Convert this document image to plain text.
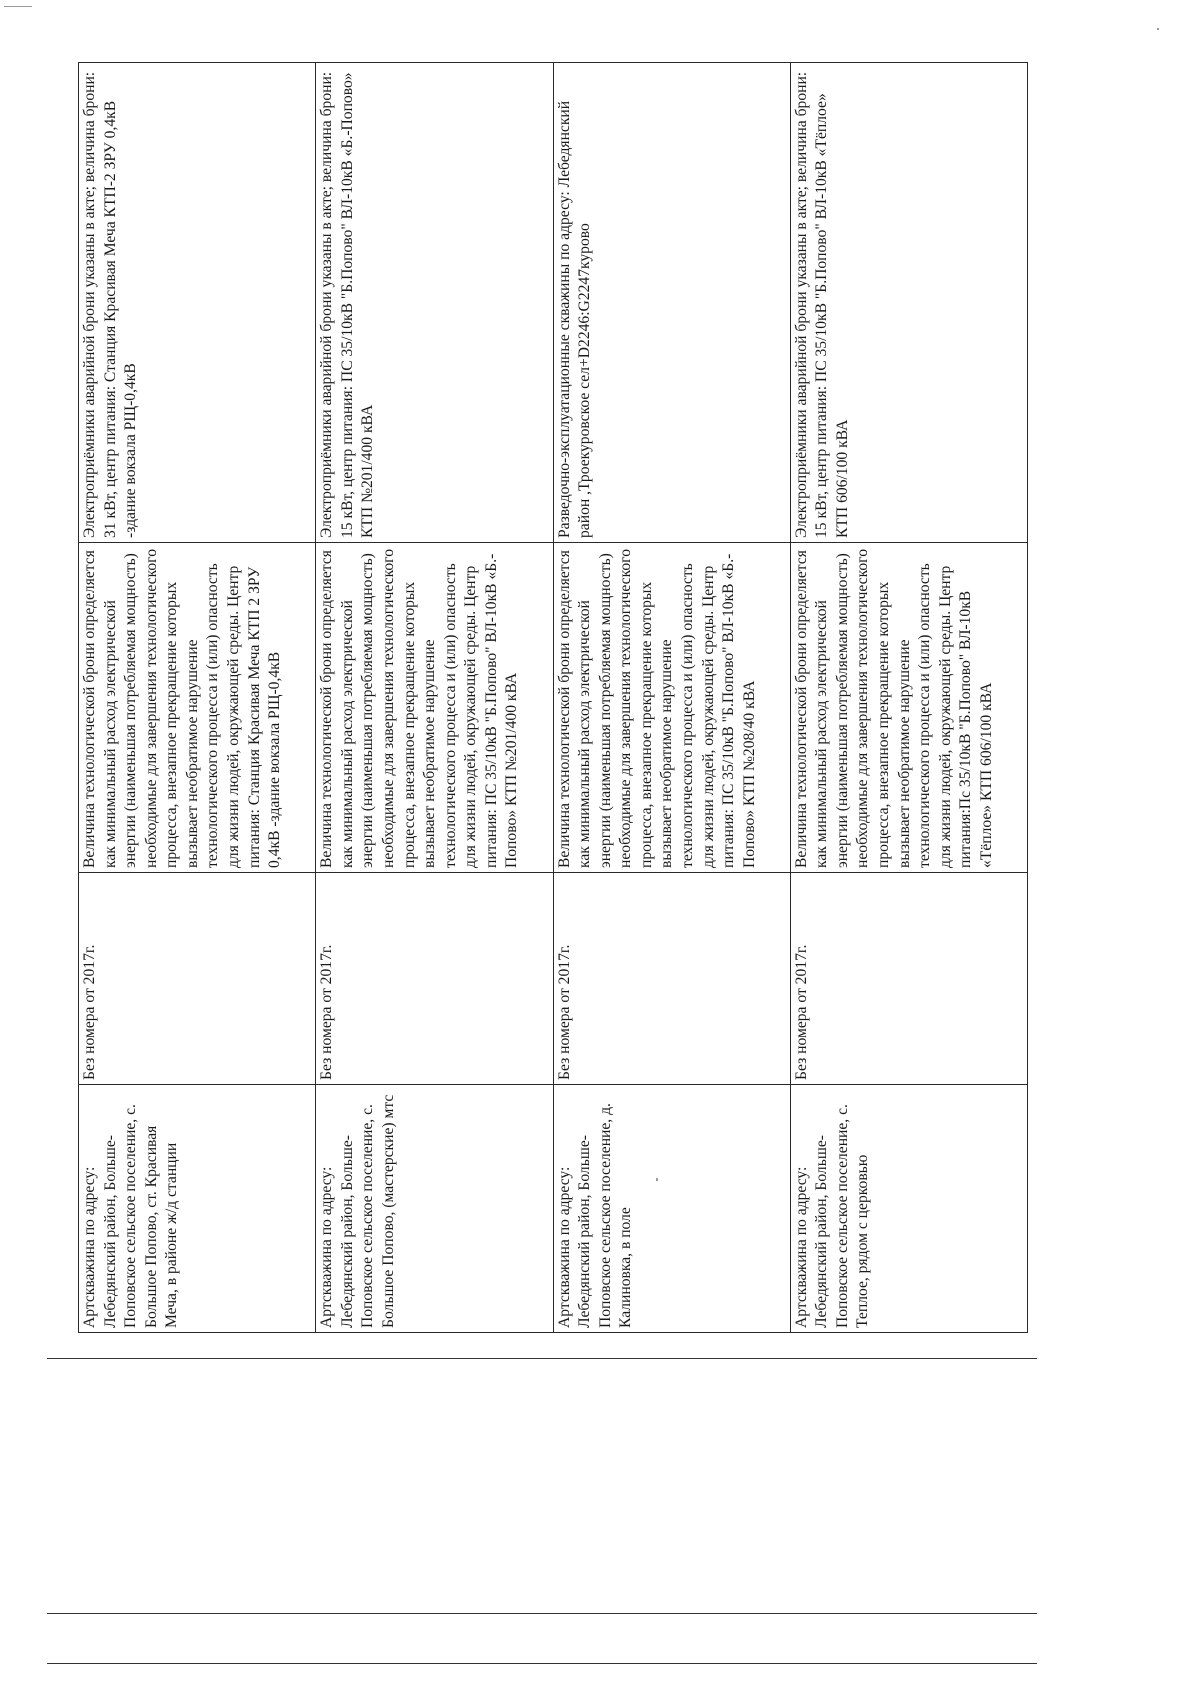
Артскважина по адресу: Лебедянский район, Больше-Поповское сельское поселение, с. Большое Попово, ст. Красивая Меча, в районе ж/д станции	Без номера от 2017г.	Величина технологической брони определяется как минимальный расход электрической энергии (наименьшая потребляемая мощность) необходимые для завершения технологического процесса, внезапное прекращение которых вызывает необратимое нарушение технологического процесса и (или) опасность для жизни людей, окружающей среды. Центр питания: Станция Красивая Меча КТП 2 ЗРУ 0,4кВ -здание вокзала РЩ-0,4кВ	Электроприёмники аварийной брони указаны в акте; величина брони: 31 кВт, центр питания: Станция Красивая Меча КТП-2 ЗРУ 0,4кВ -здание вокзала РЩ-0,4кВ
Артскважина по адресу: Лебедянский район, Больше-Поповское сельское поселение, с. Большое Попово, (мастерские) мтс	Без номера от 2017г.	Величина технологической брони определяется как минимальный расход электрической энергии (наименьшая потребляемая мощность) необходимые для завершения технологического процесса, внезапное прекращение которых вызывает необратимое нарушение технологического процесса и (или) опасность для жизни людей, окружающей среды. Центр питания: ПС 35/10кВ "Б.Попово" ВЛ-10кВ «Б.-Попово» КТП №201/400 кВА	Электроприёмники аварийной брони указаны в акте; величина брони: 15 кВт, центр питания: ПС 35/10кВ "Б.Попово" ВЛ-10кВ «Б.-Попово» КТП №201/400 кВА
Артскважина по адресу: Лебедянский район, Больше-Поповское сельское поселение, д. Калиновка, в поле	Без номера от 2017г.	Величина технологической брони определяется как минимальный расход электрической энергии (наименьшая потребляемая мощность) необходимые для завершения технологического процесса, внезапное прекращение которых вызывает необратимое нарушение технологического процесса и (или) опасность для жизни людей, окружающей среды. Центр питания: ПС 35/10кВ "Б.Попово" ВЛ-10кВ «Б.-Попово» КТП №208/40 кВА	Разведочно-эксплуатационные скважины по адресу: Лебедянский район ,Троекуровское сел+D2246:G2247курово
Артскважина по адресу: Лебедянский район, Больше-Поповское сельское поселение, с. Теплое, рядом с церковью	Без номера от 2017г.	Величина технологической брони определяется как минимальный расход электрической энергии (наименьшая потребляемая мощность) необходимые для завершения технологического процесса, внезапное прекращение которых вызывает необратимое нарушение технологического процесса и (или) опасность для жизни людей, окружающей среды. Центр питания:Пс 35/10кВ "Б.Попово" ВЛ-10кВ «Тёплое» КТП 606/100 кВА	Электроприёмники аварийной брони указаны в акте; величина брони: 15 кВт, центр питания: ПС 35/10кВ "Б.Попово" ВЛ-10кВ «Тёплое» КТП 606/100 кВА
